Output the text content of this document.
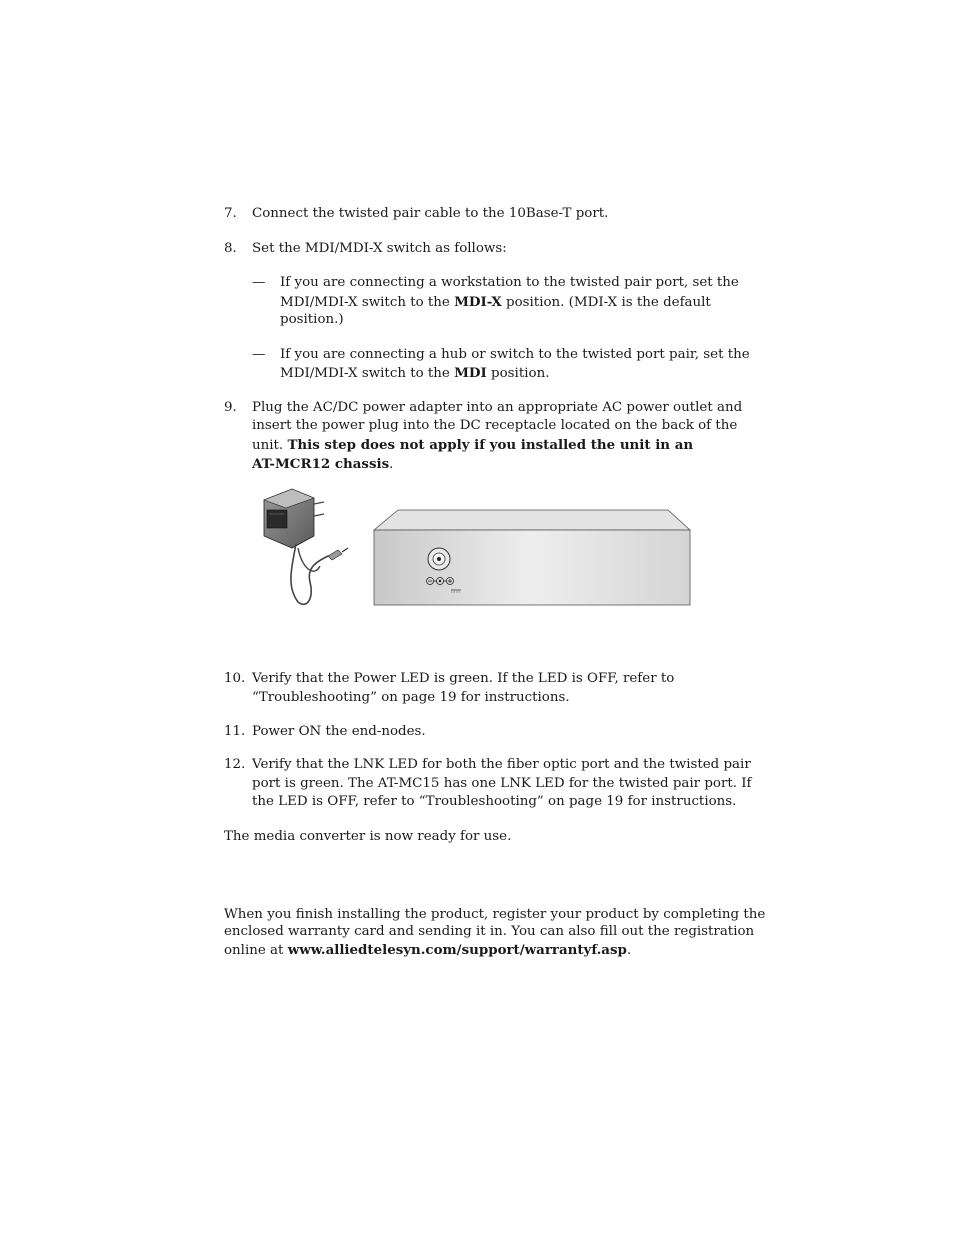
7. Connect the twisted pair cable to the 10Base-T port.
8. Set the MDI/MDI-X switch as follows:
— If you are connecting a workstation to the twisted pair port, set the
MDI/MDI-X switch to the MDI-X position. (MDI-X is the default
position.)
— If you are connecting a hub or switch to the twisted port pair, set the
MDI/MDI-X switch to the MDI position.
9. Plug the AC/DC power adapter into an appropriate AC power outlet and
insert the power plug into the DC receptacle located on the back of the
unit. This step does not apply if you installed the unit in an
AT-MCR12 chassis.
10. Verify that the Power LED is green. If the LED is OFF, refer to
“Troubleshooting” on page 19 for instructions.
11. Power ON the end-nodes.
12. Verify that the LNK LED for both the fiber optic port and the twisted pair
port is green. The AT-MC15 has one LNK LED for the twisted pair port. If
the LED is OFF, refer to “Troubleshooting” on page 19 for instructions.
The media converter is now ready for use.
When you finish installing the product, register your product by completing the
enclosed warranty card and sending it in. You can also fill out the registration
online at www.alliedtelesyn.com/support/warrantyf.asp.
